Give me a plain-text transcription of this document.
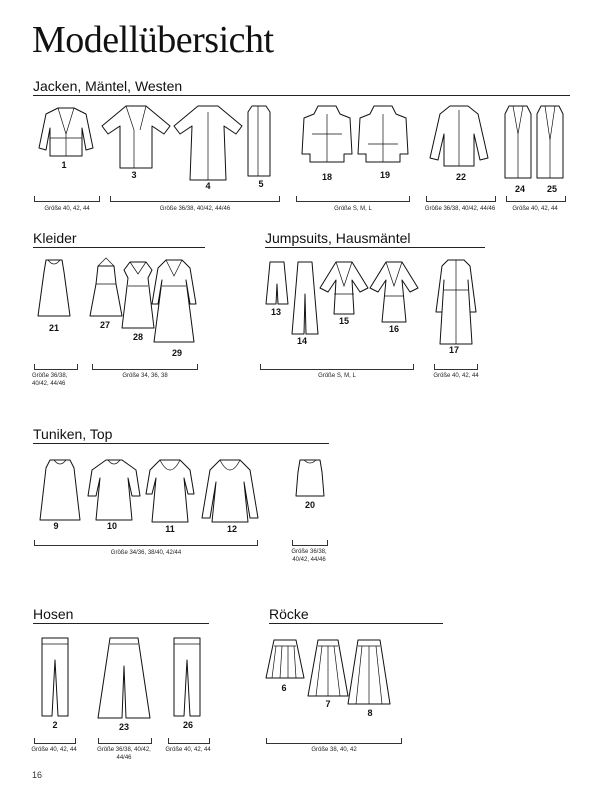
Modellübersicht
Jacken, Mäntel, Westen
1
3
4	5
18	19	22
24	25
Größe 40, 42, 44	Größe 36/38, 40/42, 44/46	Größe S, M, L	Größe 36/38, 40/42, 44/46	Größe 40, 42, 44
Kleider
21	27
28
29
Größe 36/38, 40/42, 44/46
Größe 34, 36, 38
Jumpsuits, Hausmäntel
13
14
15
16
17
Größe S, M, L	Größe 40, 42, 44
Tuniken, Top
9	10	11	12
20
Größe 34/36, 38/40, 42/44	Größe 36/38, 40/42, 44/46
Hosen
2	23	26
Größe 40, 42, 44	Größe 36/38, 40/42, 44/46
Größe 40, 42, 44
Röcke
6
7
8
Größe 38, 40, 42
16
